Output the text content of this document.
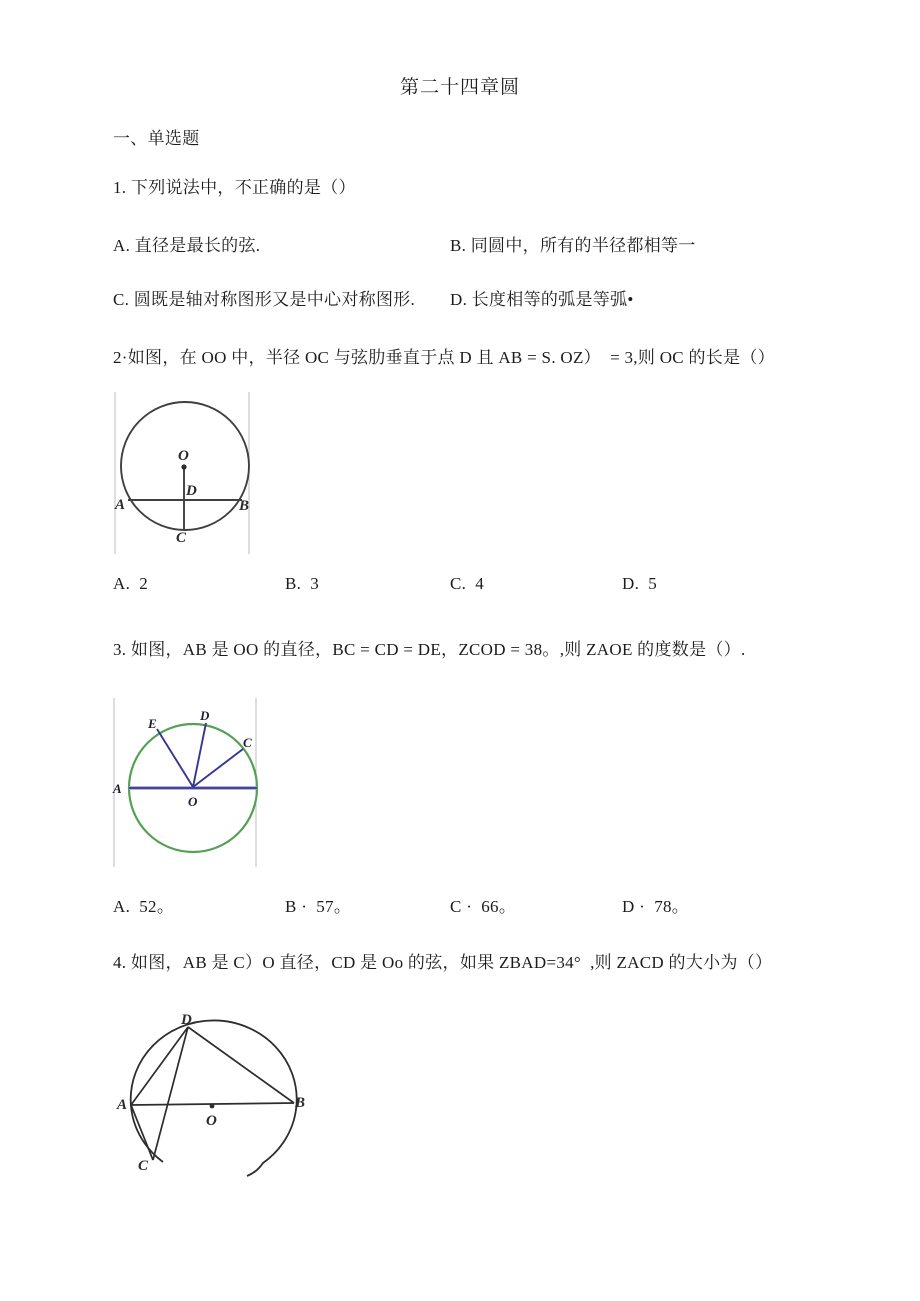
第二十四章圆
一、单选题
1. 下列说法中，不正确的是（）
A. 直径是最长的弦.	B. 同圆中，所有的半径都相等一
C. 圆既是轴对称图形又是中心对称图形. D. 长度相等的弧是等弧•
2·如图，在 OO 中，半径 OC 与弦肋垂直于点 D 且 AB = S. OZ）  = 3,则 OC 的长是（）
O
D
A	B
C
A.  2	B.  3	C.  4	D.  5
3. 如图，AB 是 OO 的直径，BC = CD = DE，ZCOD = 38。,则 ZAOE 的度数是（）.
A
E
D
C
O
A.  52。	B ·  57。	C ·  66。	D ·  78。
4. 如图，AB 是 C）O 直径，CD 是 Oo 的弦，如果 ZBAD=34°  ,则 ZACD 的大小为（）
D
A	B
O
C
